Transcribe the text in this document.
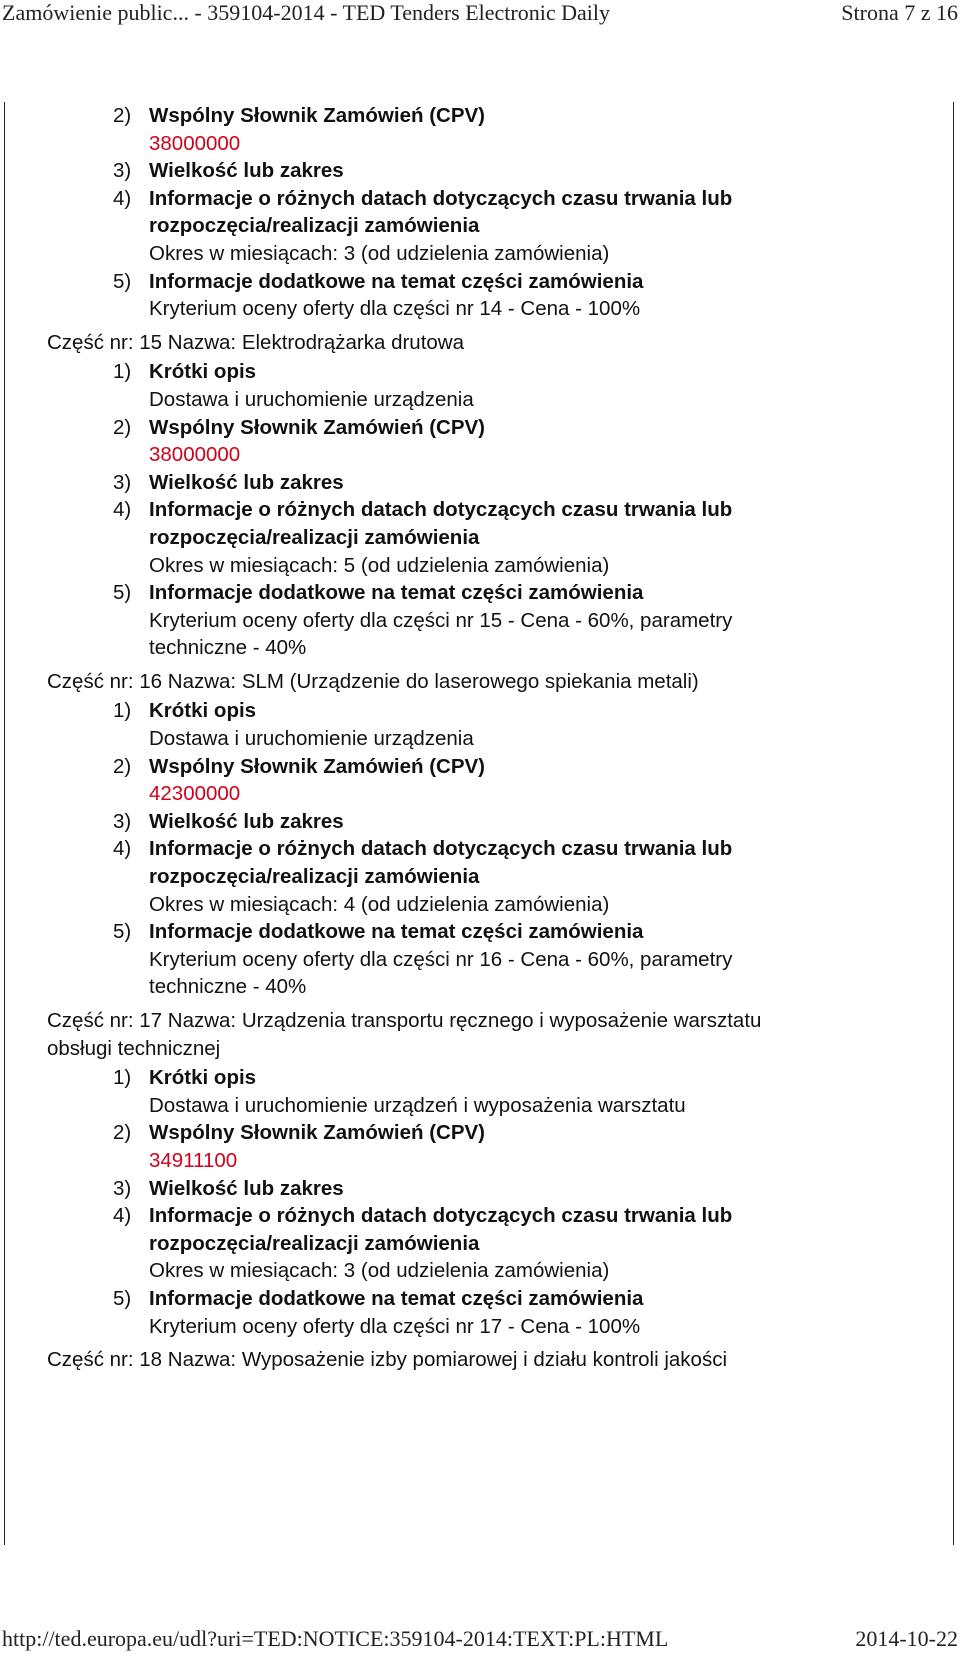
Zamówienie public... - 359104-2014 - TED Tenders Electronic Daily	Strona 7 z 16
2) Wspólny Słownik Zamówień (CPV)
38000000
3) Wielkość lub zakres
4) Informacje o różnych datach dotyczących czasu trwania lub
rozpoczęcia/realizacji zamówienia
Okres w miesiącach: 3 (od udzielenia zamówienia)
5) Informacje dodatkowe na temat części zamówienia
Kryterium oceny oferty dla części nr 14 - Cena - 100%
Część nr: 15 Nazwa: Elektrodrążarka drutowa
1) Krótki opis
Dostawa i uruchomienie urządzenia
2) Wspólny Słownik Zamówień (CPV)
38000000
3) Wielkość lub zakres
4) Informacje o różnych datach dotyczących czasu trwania lub
rozpoczęcia/realizacji zamówienia
Okres w miesiącach: 5 (od udzielenia zamówienia)
5) Informacje dodatkowe na temat części zamówienia
Kryterium oceny oferty dla części nr 15 - Cena - 60%, parametry
techniczne - 40%
Część nr: 16 Nazwa: SLM (Urządzenie do laserowego spiekania metali)
1) Krótki opis
Dostawa i uruchomienie urządzenia
2) Wspólny Słownik Zamówień (CPV)
42300000
3) Wielkość lub zakres
4) Informacje o różnych datach dotyczących czasu trwania lub
rozpoczęcia/realizacji zamówienia
Okres w miesiącach: 4 (od udzielenia zamówienia)
5) Informacje dodatkowe na temat części zamówienia
Kryterium oceny oferty dla części nr 16 - Cena - 60%, parametry
techniczne - 40%
Część nr: 17 Nazwa: Urządzenia transportu ręcznego i wyposażenie warsztatu
obsługi technicznej
1) Krótki opis
Dostawa i uruchomienie urządzeń i wyposażenia warsztatu
2) Wspólny Słownik Zamówień (CPV)
34911100
3) Wielkość lub zakres
4) Informacje o różnych datach dotyczących czasu trwania lub
rozpoczęcia/realizacji zamówienia
Okres w miesiącach: 3 (od udzielenia zamówienia)
5) Informacje dodatkowe na temat części zamówienia
Kryterium oceny oferty dla części nr 17 - Cena - 100%
Część nr: 18 Nazwa: Wyposażenie izby pomiarowej i działu kontroli jakości
http://ted.europa.eu/udl?uri=TED:NOTICE:359104-2014:TEXT:PL:HTML	2014-10-22
